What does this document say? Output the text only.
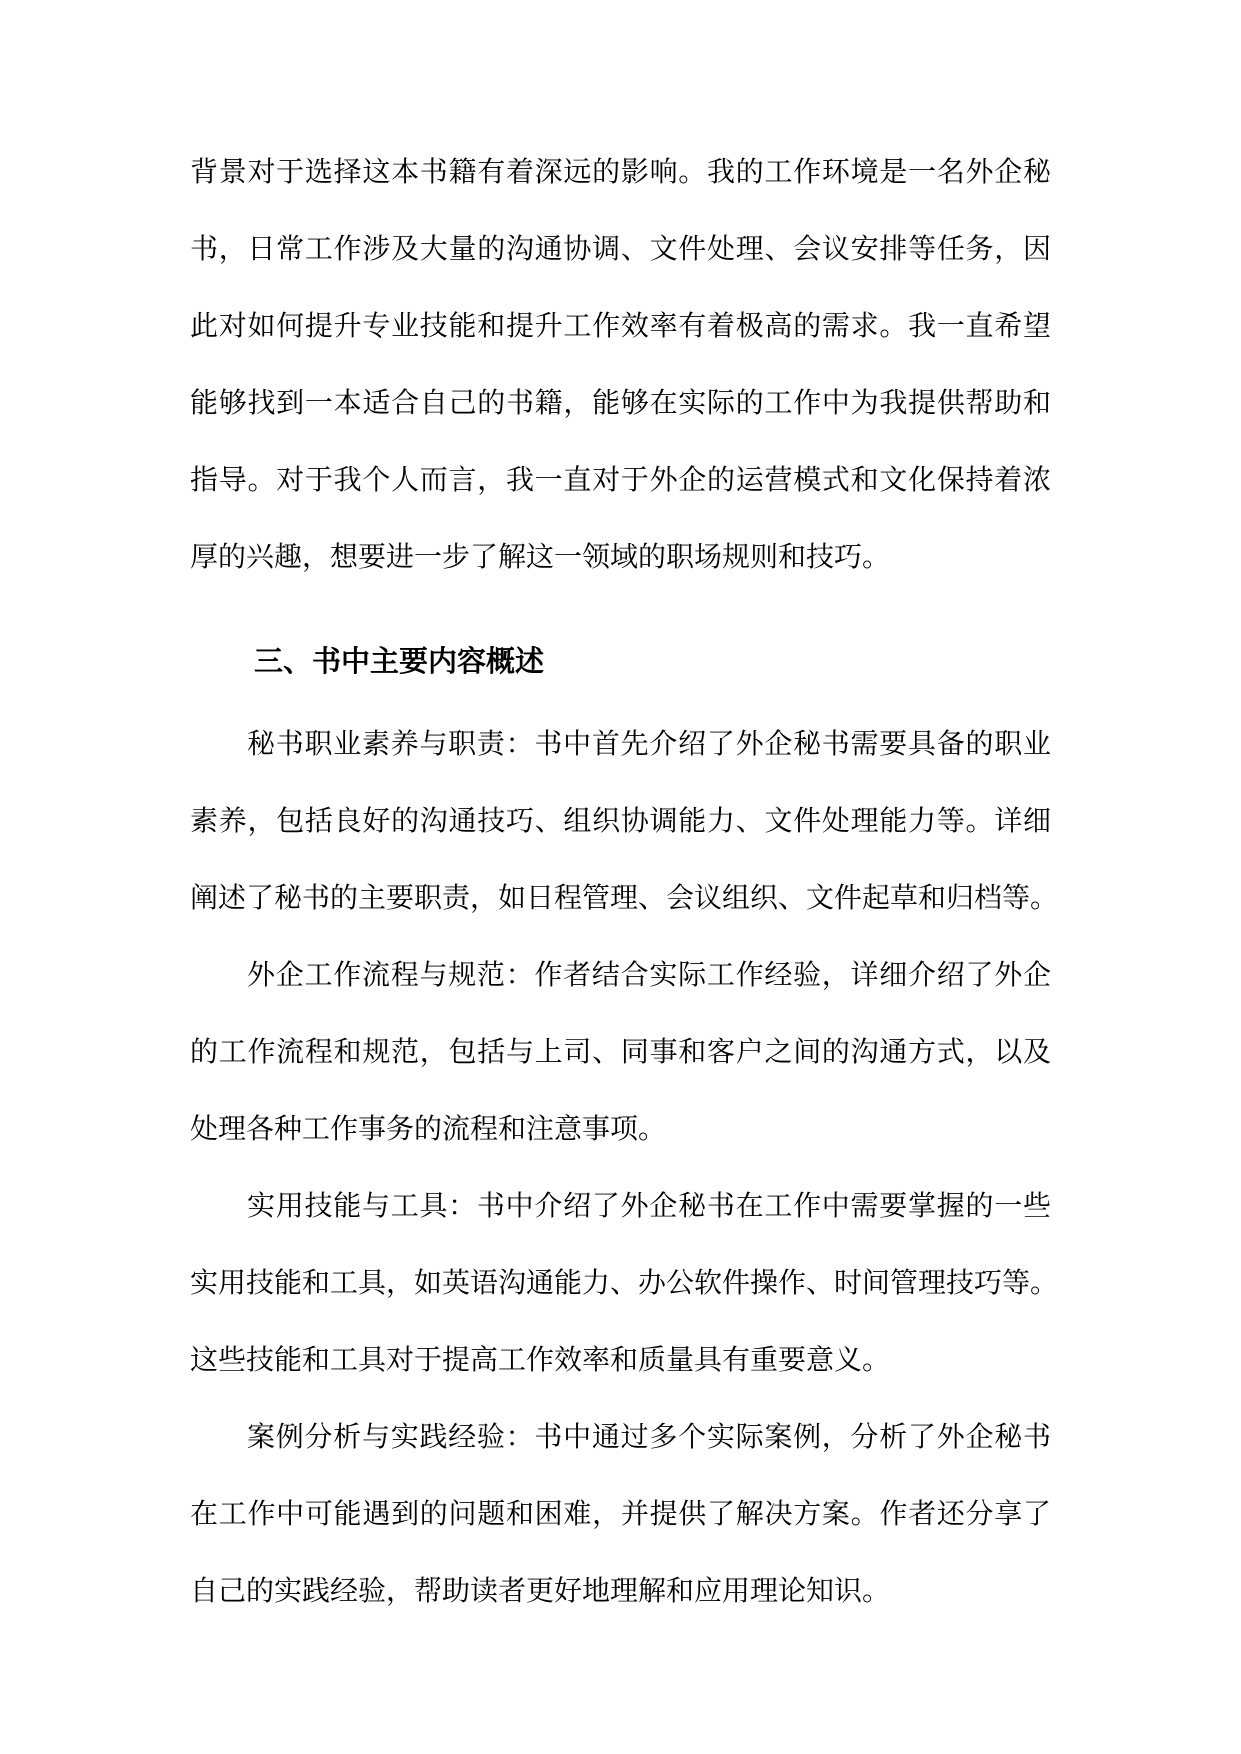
背景对于选择这本书籍有着深远的影响。我的工作环境是一名外企秘
书，日常工作涉及大量的沟通协调、文件处理、会议安排等任务，因
此对如何提升专业技能和提升工作效率有着极高的需求。我一直希望
能够找到一本适合自己的书籍，能够在实际的工作中为我提供帮助和
指导。对于我个人而言，我一直对于外企的运营模式和文化保持着浓
厚的兴趣，想要进一步了解这一领域的职场规则和技巧。
三、书中主要内容概述
秘书职业素养与职责：书中首先介绍了外企秘书需要具备的职业
素养，包括良好的沟通技巧、组织协调能力、文件处理能力等。详细
阐述了秘书的主要职责，如日程管理、会议组织、文件起草和归档等。
外企工作流程与规范：作者结合实际工作经验，详细介绍了外企
的工作流程和规范，包括与上司、同事和客户之间的沟通方式，以及
处理各种工作事务的流程和注意事项。
实用技能与工具：书中介绍了外企秘书在工作中需要掌握的一些
实用技能和工具，如英语沟通能力、办公软件操作、时间管理技巧等。
这些技能和工具对于提高工作效率和质量具有重要意义。
案例分析与实践经验：书中通过多个实际案例，分析了外企秘书
在工作中可能遇到的问题和困难，并提供了解决方案。作者还分享了
自己的实践经验，帮助读者更好地理解和应用理论知识。
